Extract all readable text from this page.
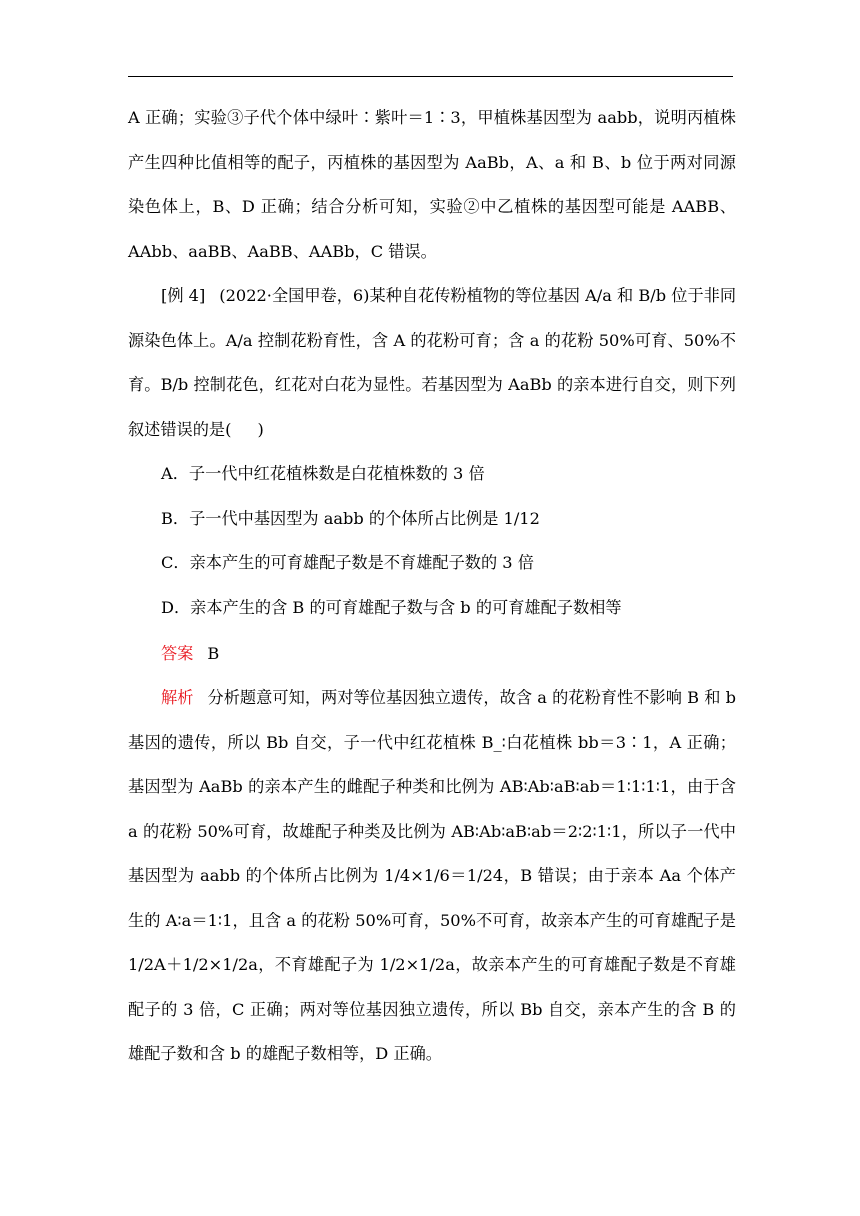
A 正确；实验③子代个体中绿叶∶紫叶＝1∶3，甲植株基因型为 aabb，说明丙植株产生四种比值相等的配子，丙植株的基因型为 AaBb，A、a 和 B、b 位于两对同源染色体上，B、D 正确；结合分析可知，实验②中乙植株的基因型可能是 AABB、AAbb、aaBB、AaBB、AABb，C 错误。

[例 4] (2022·全国甲卷，6)某种自花传粉植物的等位基因 A/a 和 B/b 位于非同源染色体上。A/a 控制花粉育性，含 A 的花粉可育；含 a 的花粉 50%可育、50%不育。B/b 控制花色，红花对白花为显性。若基因型为 AaBb 的亲本进行自交，则下列叙述错误的是( )

A．子一代中红花植株数是白花植株数的 3 倍
B．子一代中基因型为 aabb 的个体所占比例是 1/12
C．亲本产生的可育雄配子数是不育雄配子数的 3 倍
D．亲本产生的含 B 的可育雄配子数与含 b 的可育雄配子数相等

答案 B

解析 分析题意可知，两对等位基因独立遗传，故含 a 的花粉育性不影响 B 和 b 基因的遗传，所以 Bb 自交，子一代中红花植株 B_∶白花植株 bb＝3∶1，A 正确；基因型为 AaBb 的亲本产生的雌配子种类和比例为 AB∶Ab∶aB∶ab＝1∶1∶1∶1，由于含 a 的花粉 50%可育，故雄配子种类及比例为 AB∶Ab∶aB∶ab＝2∶2∶1∶1，所以子一代中基因型为 aabb 的个体所占比例为 1/4×1/6＝1/24，B 错误；由于亲本 Aa 个体产生的 A∶a＝1∶1，且含 a 的花粉 50%可育，50%不可育，故亲本产生的可育雄配子是 1/2A＋1/2×1/2a，不育雄配子为 1/2×1/2a，故亲本产生的可育雄配子数是不育雄配子的 3 倍，C 正确；两对等位基因独立遗传，所以 Bb 自交，亲本产生的含 B 的雄配子数和含 b 的雄配子数相等，D 正确。
